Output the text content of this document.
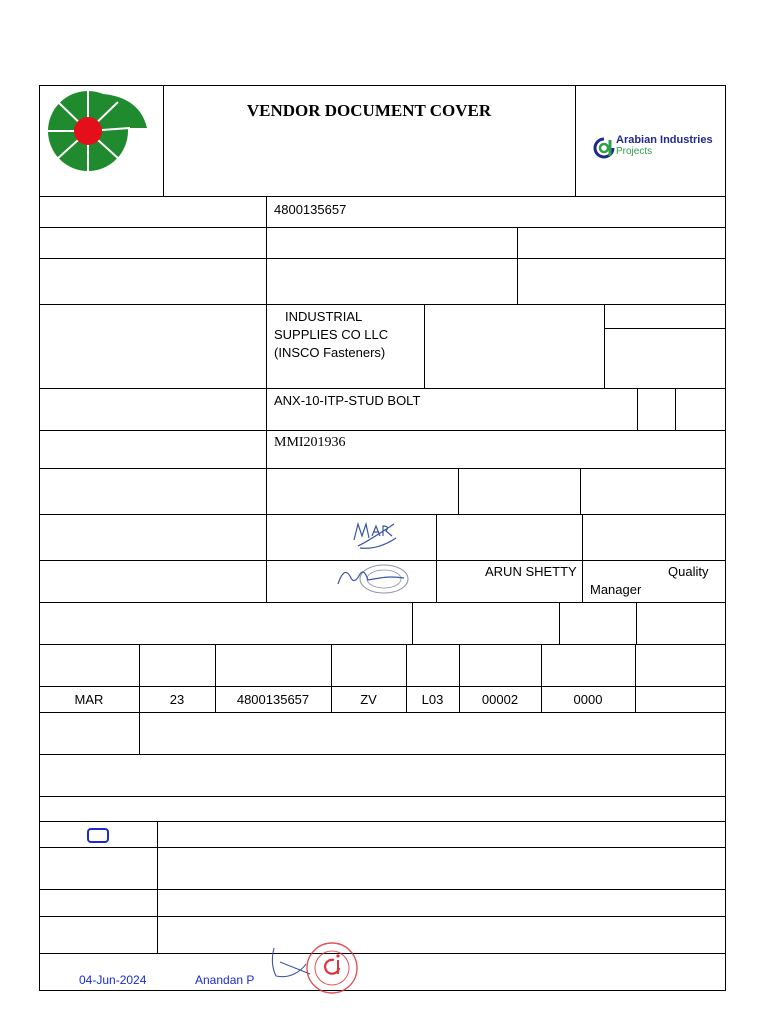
VENDOR DOCUMENT COVER
Arabian Industries
Projects
4800135657
INDUSTRIAL
SUPPLIES CO LLC
(INSCO Fasteners)
ANX-10-ITP-STUD BOLT
MMI201936
ARUN SHETTY	Quality
Manager
MAR	23	4800135657	ZV	L03	00002	0000
04-Jun-2024	Anandan P
